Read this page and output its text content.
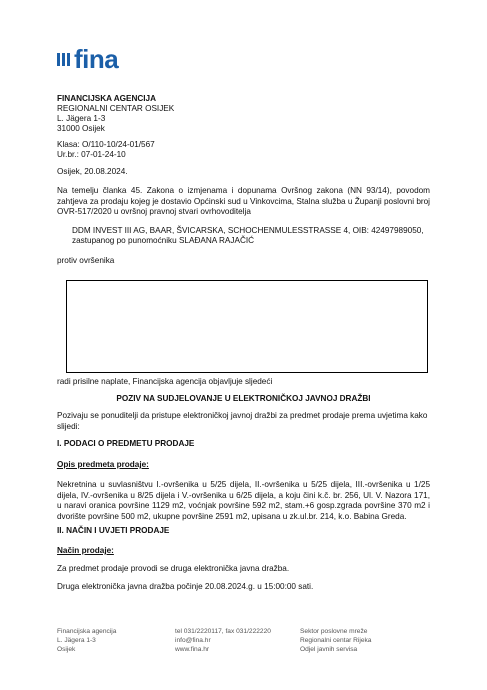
fina
FINANCIJSKA AGENCIJA
REGIONALNI CENTAR OSIJEK
L. Jägera 1-3
31000 Osijek
Klasa: O/110-10/24-01/567
Ur.br.: 07-01-24-10
Osijek, 20.08.2024.
Na temelju članka 45. Zakona o izmjenama i dopunama Ovršnog zakona (NN 93/14), povodom zahtjeva za prodaju kojeg je dostavio Općinski sud u Vinkovcima, Stalna služba u Županji poslovni broj OVR-517/2020 u ovršnoj pravnoj stvari ovrhovoditelja
DDM INVEST III AG, BAAR, ŠVICARSKA, SCHOCHENMULESSTRASSE 4, OIB: 42497989050,
zastupanog po punomoćniku SLAĐANA RAJAČIĆ
protiv ovršenika
radi prisilne naplate, Financijska agencija objavljuje sljedeći
POZIV NA SUDJELOVANJE U ELEKTRONIČKOJ JAVNOJ DRAŽBI
Pozivaju se ponuditelji da pristupe elektroničkoj javnoj dražbi za predmet prodaje prema uvjetima kako slijedi:
I. PODACI O PREDMETU PRODAJE
Opis predmeta prodaje:
Nekretnina u suvlasništvu I.-ovršenika u 5/25 dijela, II.-ovršenika u 5/25 dijela, III.-ovršenika u 1/25 dijela, IV.-ovršenika u 8/25 dijela i V.-ovršenika u 6/25 dijela, a koju čini k.č. br. 256, Ul. V. Nazora 171, u naravi oranica površine 1129 m2, voćnjak površine 592 m2, stam.+6 gosp.zgrada površine 370 m2 i dvorište površine 500 m2, ukupne površine 2591 m2, upisana u zk.ul.br. 214, k.o. Babina Greda.
II. NAČIN I UVJETI PRODAJE
Način prodaje:
Za predmet prodaje provodi se druga elektronička javna dražba.
Druga elektronička javna dražba počinje 20.08.2024.g. u 15:00:00 sati.
Financijska agencija
L. Jägera 1-3
Osijek
tel 031/2220117, fax 031/222220
info@fina.hr
www.fina.hr
Sektor poslovne mreže
Regionalni centar Rijeka
Odjel javnih servisa
